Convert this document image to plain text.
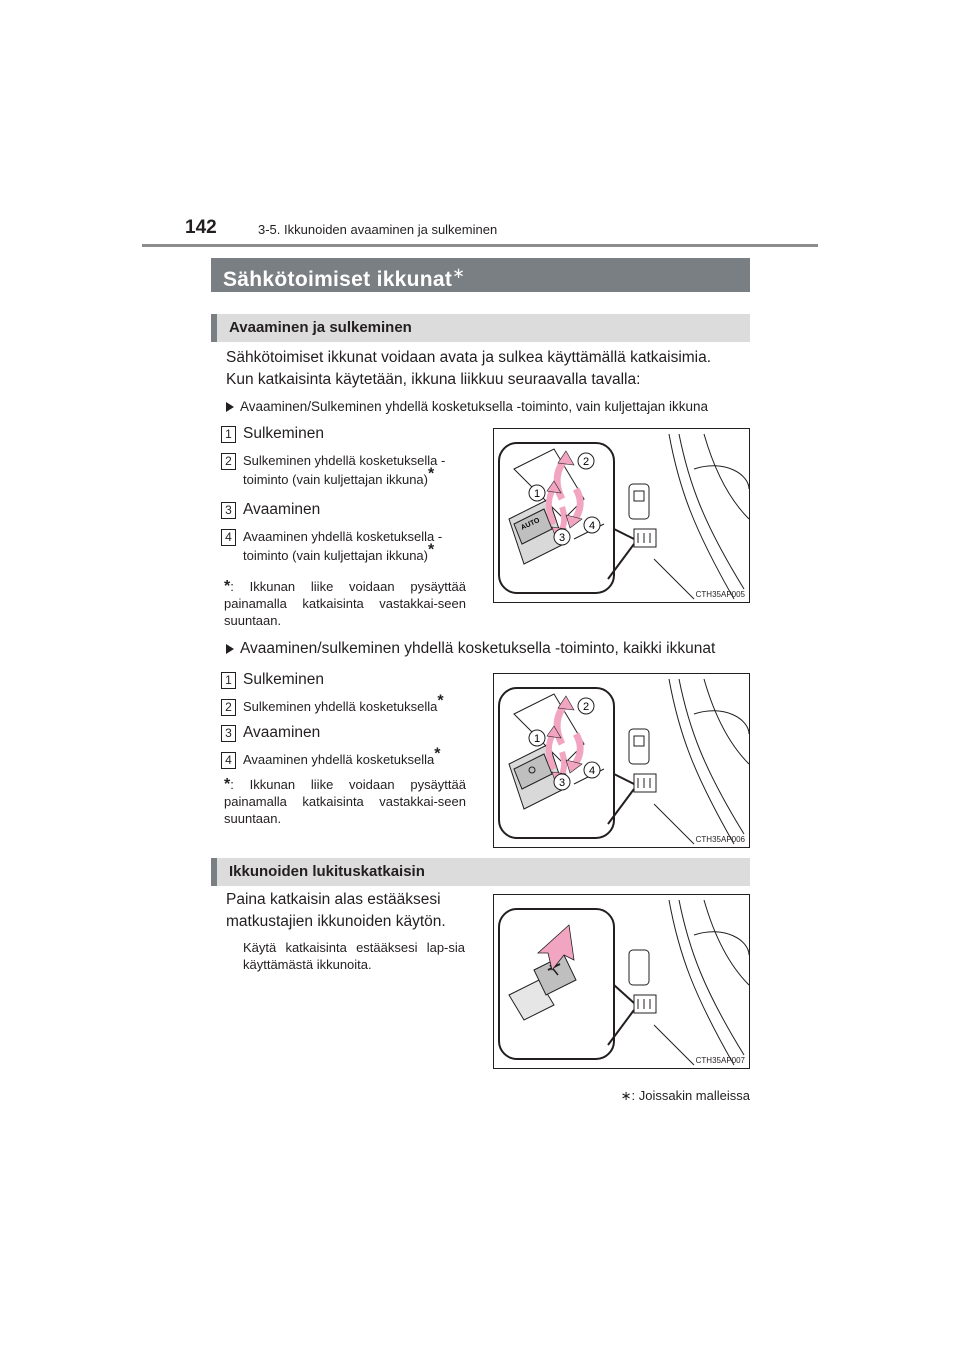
142	3-5. Ikkunoiden avaaminen ja sulkeminen
Sähkötoimiset ikkunat∗
Avaaminen ja sulkeminen
Sähkötoimiset ikkunat voidaan avata ja sulkea käyttämällä katkaisimia.
Kun katkaisinta käytetään, ikkuna liikkuu seuraavalla tavalla:
Avaaminen/Sulkeminen yhdellä kosketuksella -toiminto, vain kuljettajan ikkuna
1 Sulkeminen
2 Sulkeminen yhdellä kosketuksella -
toiminto (vain kuljettajan ikkuna)*
3 Avaaminen
4 Avaaminen yhdellä kosketuksella -
toiminto (vain kuljettajan ikkuna)*
*: Ikkunan liike voidaan pysäyttää painamalla katkaisinta vastakkai-seen suuntaan.
AUTO
1
2
3
4
CTH35AP005
Avaaminen/sulkeminen yhdellä kosketuksella -toiminto, kaikki ikkunat
1 Sulkeminen
2 Sulkeminen yhdellä kosketuksella*
3 Avaaminen
4 Avaaminen yhdellä kosketuksella*
*: Ikkunan liike voidaan pysäyttää painamalla katkaisinta vastakkai-seen suuntaan.
1
2
3
4
CTH35AP006
Ikkunoiden lukituskatkaisin
Paina katkaisin alas estääksesi
matkustajien ikkunoiden käytön.
Käytä katkaisinta estääksesi lap-sia käyttämästä ikkunoita.
CTH35AP007
∗: Joissakin malleissa
